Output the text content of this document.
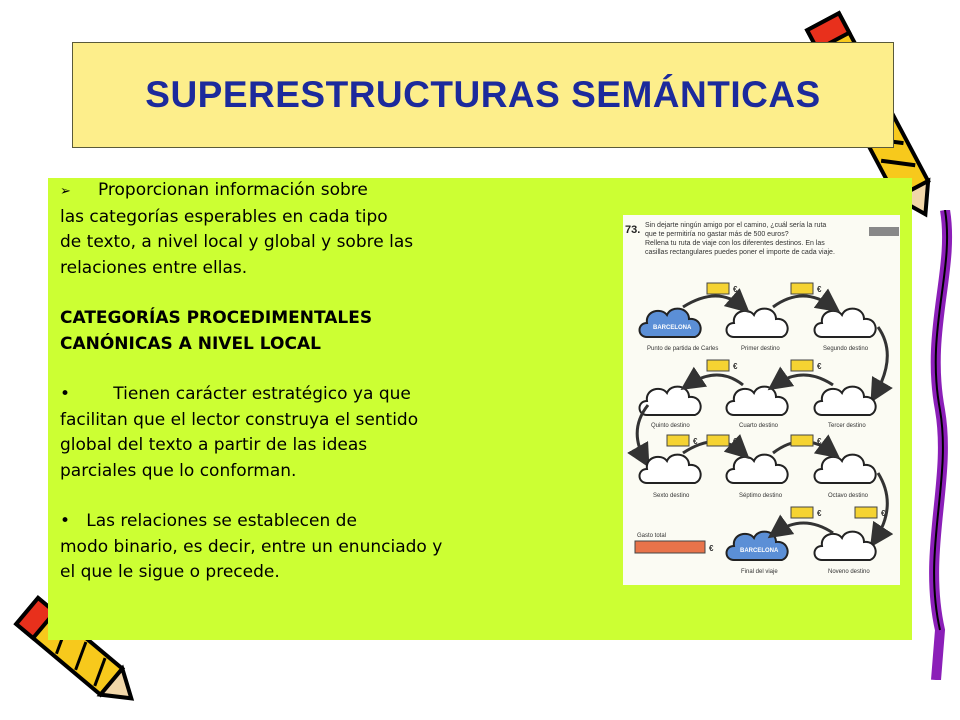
SUPERESTRUCTURAS SEMÁNTICAS

➢ Proporcionan información sobre

las categorías esperables en cada tipo

de texto, a nivel local y global y sobre las

relaciones entre ellas.

CATEGORÍAS PROCEDIMENTALES

CANÓNICAS A NIVEL LOCAL

•	Tienen carácter estratégico ya que

facilitan que el lector construya el sentido

global del texto a partir de las ideas

parciales que lo conforman.

• Las relaciones se establecen de

modo binario, es decir, entre un enunciado y

el que le sigue o precede.

73. Sin dejarte ningún amigo por el camino, ¿cuál sería la ruta
que te permitiría no gastar más de 500 euros?
Rellena tu ruta de viaje con los diferentes destinos. En las
casillas rectangulares puedes poner el importe de cada viaje.
BARCELONA
Punto de partida de Carles	Primer destino	Segundo destino
€	€
Quinto destino	Cuarto destino	Tercer destino
€	€
Sexto destino	Séptimo destino	Octavo destino
€	€	€
Gasto total
€	BARCELONA
Final del viaje	Noveno destino
€	€
